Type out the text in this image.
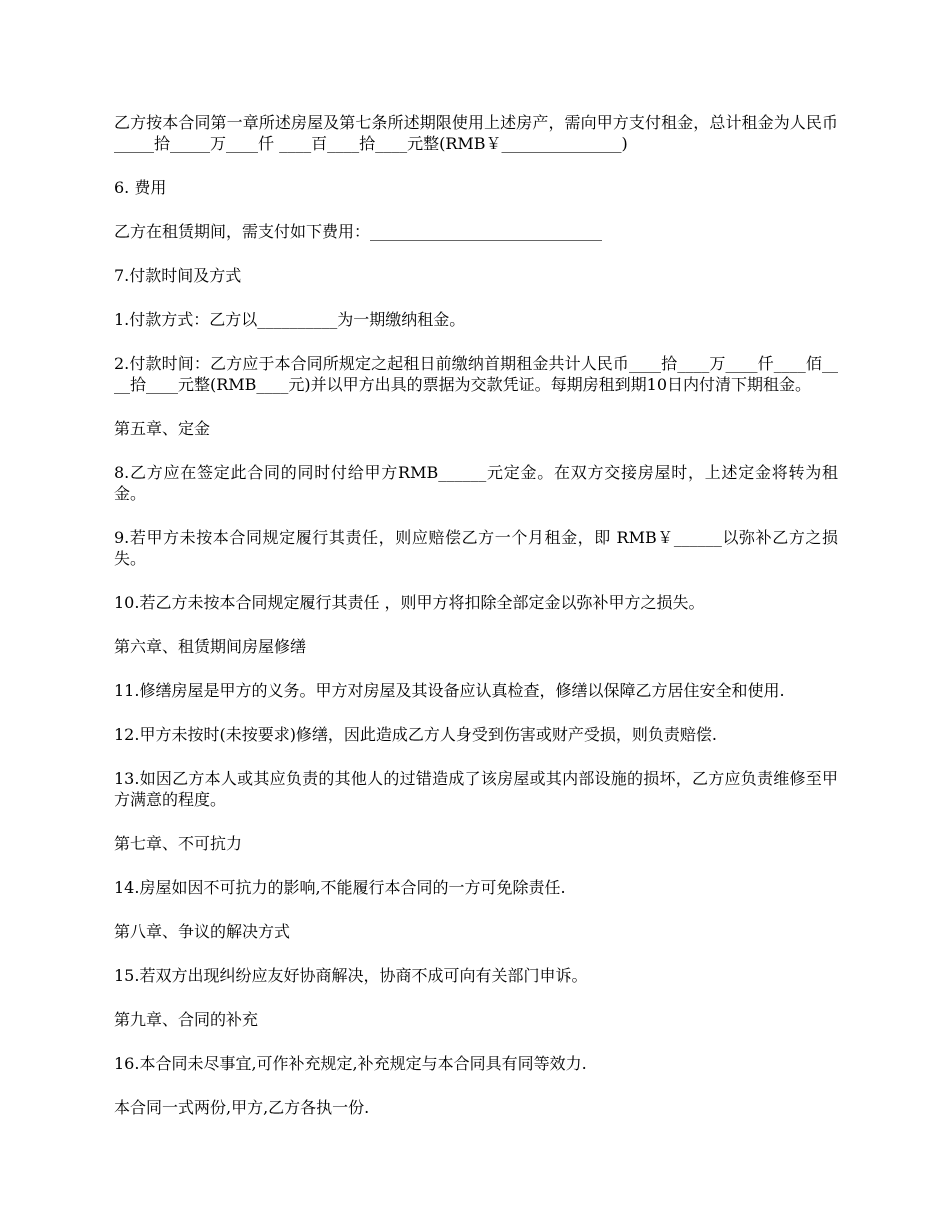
乙方按本合同第一章所述房屋及第七条所述期限使用上述房产，需向甲方支付租金，总计租金为人民币_____拾_____万____仟 ____百____拾____元整(RMB￥_______________)

6. 费用

乙方在租赁期间，需支付如下费用：_____________________________

7.付款时间及方式

1.付款方式：乙方以__________为一期缴纳租金。

2.付款时间：乙方应于本合同所规定之起租日前缴纳首期租金共计人民币____拾____万____仟____佰____拾____元整(RMB____元)并以甲方出具的票据为交款凭证。每期房租到期10日内付清下期租金。

第五章、定金

8.乙方应在签定此合同的同时付给甲方RMB______元定金。在双方交接房屋时，上述定金将转为租金。

9.若甲方未按本合同规定履行其责任，则应赔偿乙方一个月租金，即 RMB￥______以弥补乙方之损失。

10.若乙方未按本合同规定履行其责任 ，则甲方将扣除全部定金以弥补甲方之损失。

第六章、租赁期间房屋修缮

11.修缮房屋是甲方的义务。甲方对房屋及其设备应认真检查，修缮以保障乙方居住安全和使用.

12.甲方未按时(未按要求)修缮，因此造成乙方人身受到伤害或财产受损，则负责赔偿.

13.如因乙方本人或其应负责的其他人的过错造成了该房屋或其内部设施的损坏，乙方应负责维修至甲方满意的程度。

第七章、不可抗力

14.房屋如因不可抗力的影响,不能履行本合同的一方可免除责任.

第八章、争议的解决方式

15.若双方出现纠纷应友好协商解决，协商不成可向有关部门申诉。

第九章、合同的补充

16.本合同未尽事宜,可作补充规定,补充规定与本合同具有同等效力.

本合同一式两份,甲方,乙方各执一份.
